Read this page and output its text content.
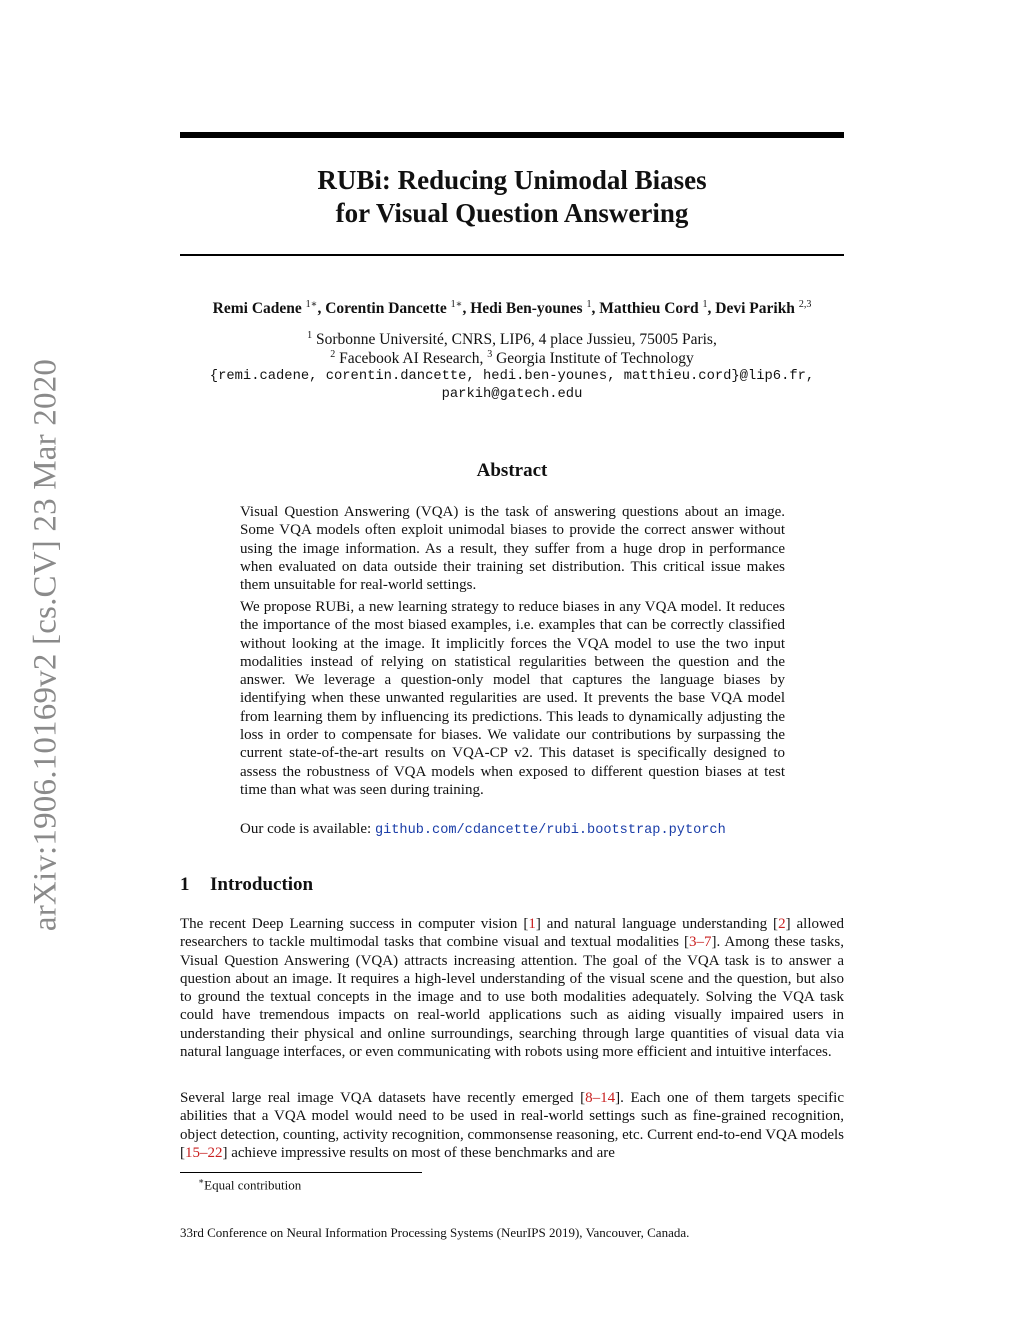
arXiv:1906.10169v2 [cs.CV] 23 Mar 2020
RUBi: Reducing Unimodal Biases
for Visual Question Answering
Remi Cadene $^{1∗}$, Corentin Dancette $^{1∗}$, Hedi Ben-younes $^1$, Matthieu Cord $^1$, Devi Parikh $^{2,3}$
$^1$ Sorbonne Université, CNRS, LIP6, 4 place Jussieu, 75005 Paris,
$^2$ Facebook AI Research, $^3$ Georgia Institute of Technology
{remi.cadene, corentin.dancette, hedi.ben-younes, matthieu.cord}@lip6.fr,
parkih@gatech.edu
Abstract

Visual Question Answering (VQA) is the task of answering questions about an image. Some VQA models often exploit unimodal biases to provide the correct answer without using the image information. As a result, they suffer from a huge drop in performance when evaluated on data outside their training set distribution. This critical issue makes them unsuitable for real-world settings.

We propose RUBi, a new learning strategy to reduce biases in any VQA model. It reduces the importance of the most biased examples, i.e. examples that can be correctly classified without looking at the image. It implicitly forces the VQA model to use the two input modalities instead of relying on statistical regularities between the question and the answer. We leverage a question-only model that captures the language biases by identifying when these unwanted regularities are used. It prevents the base VQA model from learning them by influencing its predictions. This leads to dynamically adjusting the loss in order to compensate for biases. We validate our contributions by surpassing the current state-of-the-art results on VQA-CP v2. This dataset is specifically designed to assess the robustness of VQA models when exposed to different question biases at test time than what was seen during training.

Our code is available: github.com/cdancette/rubi.bootstrap.pytorch

1 Introduction

The recent Deep Learning success in computer vision [1] and natural language understanding [2] allowed researchers to tackle multimodal tasks that combine visual and textual modalities [3–7]. Among these tasks, Visual Question Answering (VQA) attracts increasing attention. The goal of the VQA task is to answer a question about an image. It requires a high-level understanding of the visual scene and the question, but also to ground the textual concepts in the image and to use both modalities adequately. Solving the VQA task could have tremendous impacts on real-world applications such as aiding visually impaired users in understanding their physical and online surroundings, searching through large quantities of visual data via natural language interfaces, or even communicating with robots using more efficient and intuitive interfaces.

Several large real image VQA datasets have recently emerged [8–14]. Each one of them targets specific abilities that a VQA model would need to be used in real-world settings such as fine-grained recognition, object detection, counting, activity recognition, commonsense reasoning, etc. Current end-to-end VQA models [15–22] achieve impressive results on most of these benchmarks and are

∗Equal contribution
33rd Conference on Neural Information Processing Systems (NeurIPS 2019), Vancouver, Canada.
